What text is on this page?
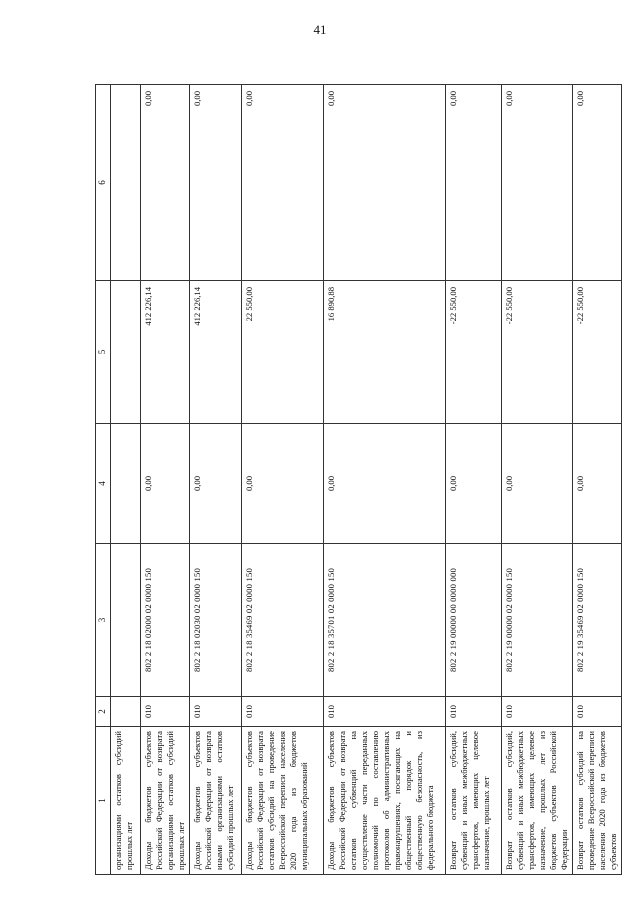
41
1	2	3	4	5	6
организациями остатков субсидий прошлых лет					
Доходы бюджетов субъектов Российской Федерации от возврата организациями остатков субсидий прошлых лет	010	802 2 18 02000 02 0000 150	0,00	412 226,14	0,00
Доходы бюджетов субъектов Российской Федерации от возврата иными организациями остатков субсидий прошлых лет	010	802 2 18 02030 02 0000 150	0,00	412 226,14	0,00
Доходы бюджетов субъектов Российской Федерации от возврата остатков субсидий на проведение Всероссийской переписи населения 2020 года из бюджетов муниципальных образований	010	802 2 18 35469 02 0000 150	0,00	22 550,00	0,00
Доходы бюджетов субъектов Российской Федерации от возврата остатков субвенций на осуществление части переданных полномочий по составлению протоколов об административных правонарушениях, посягающих на общественный порядок и общественную безопасность, из федерального бюджета	010	802 2 18 35701 02 0000 150	0,00	16 890,88	0,00
Возврат остатков субсидий, субвенций и иных межбюджетных трансфертов, имеющих целевое назначение, прошлых лет	010	802 2 19 00000 00 0000 000	0,00	-22 550,00	0,00
Возврат остатков субсидий, субвенций и иных межбюджетных трансфертов, имеющих целевое назначение, прошлых лет из бюджетов субъектов Российской Федерации	010	802 2 19 00000 02 0000 150	0,00	-22 550,00	0,00
Возврат остатков субсидий на проведение Всероссийской переписи населения 2020 года из бюджетов субъектов	010	802 2 19 35469 02 0000 150	0,00	-22 550,00	0,00
